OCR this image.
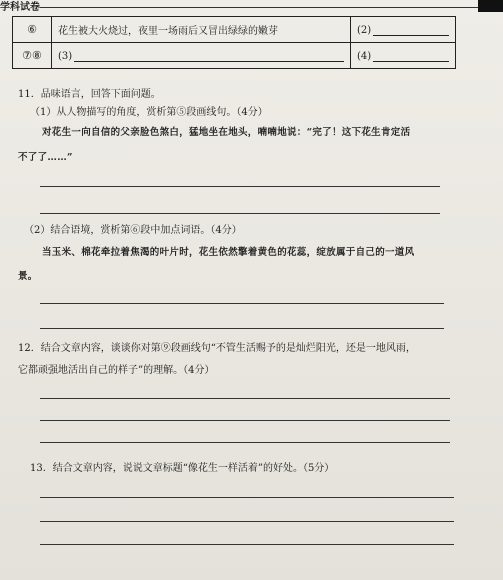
学科试卷
⑥	花生被大火烧过，夜里一场雨后又冒出绿绿的嫩芽	(2)

⑦⑧	(3)	(4)
11．品味语言，回答下面问题。
（1）从人物描写的角度，赏析第⑤段画线句。（4分）
对花生一向自信的父亲脸色煞白，猛地坐在地头，喃喃地说：“完了！这下花生肯定活
不了了……”
（2）结合语境，赏析第⑥段中加点词语。（4分）
当玉米、棉花牵拉着焦渴的叶片时，花生依然擎着黄色的花蕊，绽放属于自己的一道风
景。
12．结合文章内容，谈谈你对第⑨段画线句“不管生活赐予的是灿烂阳光，还是一地风雨，
它都顽强地活出自己的样子”的理解。（4分）
13．结合文章内容，说说文章标题“像花生一样活着”的好处。（5分）
